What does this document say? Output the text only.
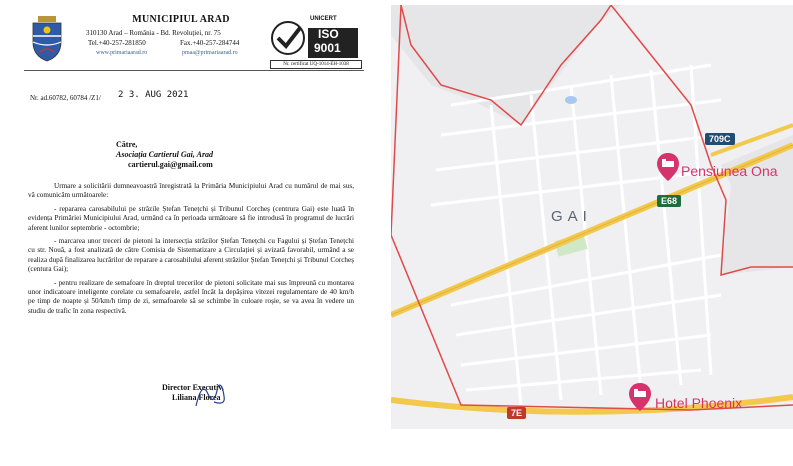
MUNICIPIUL ARAD
310130 Arad – România - Bd. Revoluției, nr. 75
Tel.+40-257-281850	Fax.+40-257-284744
www.primariaarad.ro	pmaa@primariaarad.ro
UNICERT
ISO
9001
Nr. certificat UQ-1014-EH-1038
Nr. ad.60782, 60784 /Z1/ 2 3. AUG 2021
Către,
Asociația Cartierul Gai, Arad
cartierul.gai@gmail.com

Urmare a solicitării dumneavoastră înregistrată la Primăria Municipiului Arad cu numărul de mai sus, vă comunicăm următoarele:

- repararea carosabilului pe străzile Ștefan Tenețchi și Tribunul Corcheș (centrura Gai) este luată în evidența Primăriei Municipiului Arad, urmând ca în perioada următoare să fie introdusă în programul de lucrări aferent lunilor septembrie - octombrie;

- marcarea unor treceri de pietoni la intersecția străzilor Ștefan Tenețchi cu Fagului și Ștefan Tenețchi cu str. Nouă, a fost analizată de către Comisia de Sistematizare a Circulației și avizată favorabil, urmând a se realiza după finalizarea lucrărilor de reparare a carosabilului aferent străzilor Ștefan Tenețchi și Tribunul Corcheș (centura Gai);

- pentru realizare de semafoare în dreptul trecerilor de pietoni solicitate mai sus împreună cu montarea unor indicatoare inteligente corelate cu semafoarele, astfel încât la depășirea vitezei regulamentare de 40 km/h pe timp de noapte și 50/km/h timp de zi, semafoarele să se schimbe în culoare roșie, se va avea în vedere un studiu de trafic în zona respectivă.

Director Executiv,
Liliana Florea
GAI
Pensiunea Ona
Hotel Phoenix
E68
709C
7E
